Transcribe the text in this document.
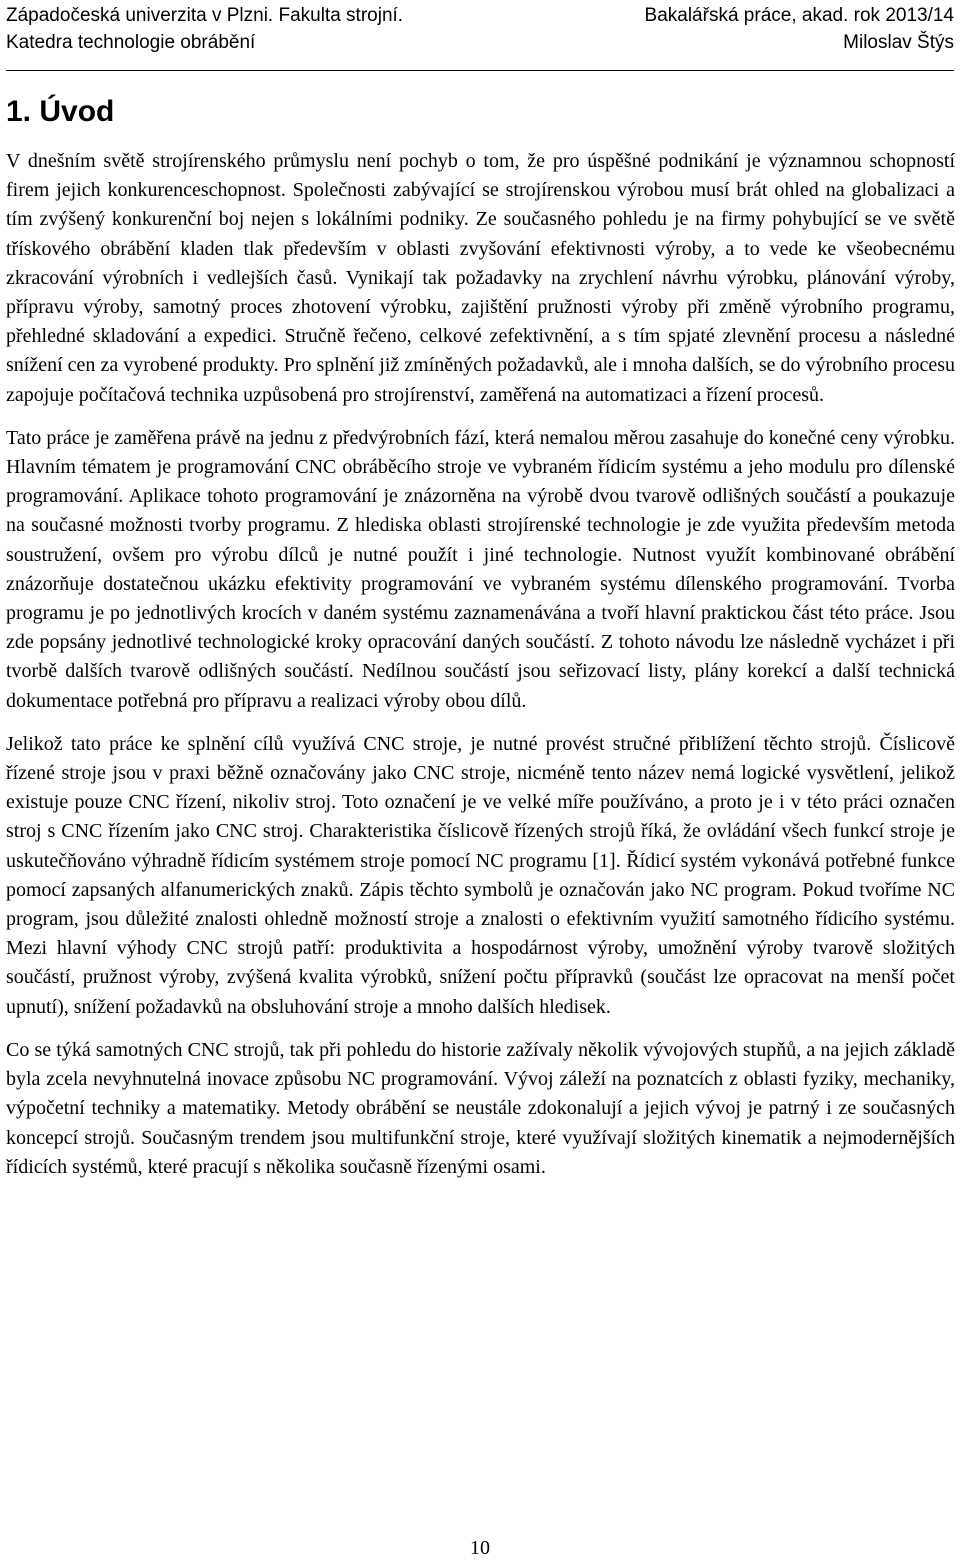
Západočeská univerzita v Plzni. Fakulta strojní.	Bakalářská práce, akad. rok 2013/14
Katedra technologie obrábění	Miloslav Štýs
1. Úvod

V dnešním světě strojírenského průmyslu není pochyb o tom, že pro úspěšné podnikání je významnou schopností firem jejich konkurenceschopnost. Společnosti zabývající se strojírenskou výrobou musí brát ohled na globalizaci a tím zvýšený konkurenční boj nejen s lokálními podniky. Ze současného pohledu je na firmy pohybující se ve světě třískového obrábění kladen tlak především v oblasti zvyšování efektivnosti výroby, a to vede ke všeobecnému zkracování výrobních i vedlejších časů. Vynikají tak požadavky na zrychlení návrhu výrobku, plánování výroby, přípravu výroby, samotný proces zhotovení výrobku, zajištění pružnosti výroby při změně výrobního programu, přehledné skladování a expedici. Stručně řečeno, celkové zefektivnění, a s tím spjaté zlevnění procesu a následné snížení cen za vyrobené produkty. Pro splnění již zmíněných požadavků, ale i mnoha dalších, se do výrobního procesu zapojuje počítačová technika uzpůsobená pro strojírenství, zaměřená na automatizaci a řízení procesů.

Tato práce je zaměřena právě na jednu z předvýrobních fází, která nemalou měrou zasahuje do konečné ceny výrobku. Hlavním tématem je programování CNC obráběcího stroje ve vybraném řídicím systému a jeho modulu pro dílenské programování. Aplikace tohoto programování je znázorněna na výrobě dvou tvarově odlišných součástí a poukazuje na současné možnosti tvorby programu. Z hlediska oblasti strojírenské technologie je zde využita především metoda soustružení, ovšem pro výrobu dílců je nutné použít i jiné technologie. Nutnost využít kombinované obrábění znázorňuje dostatečnou ukázku efektivity programování ve vybraném systému dílenského programování. Tvorba programu je po jednotlivých krocích v daném systému zaznamenávána a tvoří hlavní praktickou část této práce. Jsou zde popsány jednotlivé technologické kroky opracování daných součástí. Z tohoto návodu lze následně vycházet i při tvorbě dalších tvarově odlišných součástí. Nedílnou součástí jsou seřizovací listy, plány korekcí a další technická dokumentace potřebná pro přípravu a realizaci výroby obou dílů.

Jelikož tato práce ke splnění cílů využívá CNC stroje, je nutné provést stručné přiblížení těchto strojů. Číslicově řízené stroje jsou v praxi běžně označovány jako CNC stroje, nicméně tento název nemá logické vysvětlení, jelikož existuje pouze CNC řízení, nikoliv stroj. Toto označení je ve velké míře používáno, a proto je i v této práci označen stroj s CNC řízením jako CNC stroj. Charakteristika číslicově řízených strojů říká, že ovládání všech funkcí stroje je uskutečňováno výhradně řídicím systémem stroje pomocí NC programu [1]. Řídicí systém vykonává potřebné funkce pomocí zapsaných alfanumerických znaků. Zápis těchto symbolů je označován jako NC program. Pokud tvoříme NC program, jsou důležité znalosti ohledně možností stroje a znalosti o efektivním využití samotného řídicího systému. Mezi hlavní výhody CNC strojů patří: produktivita a hospodárnost výroby, umožnění výroby tvarově složitých součástí, pružnost výroby, zvýšená kvalita výrobků, snížení počtu přípravků (součást lze opracovat na menší počet upnutí), snížení požadavků na obsluhování stroje a mnoho dalších hledisek.

Co se týká samotných CNC strojů, tak při pohledu do historie zažívaly několik vývojových stupňů, a na jejich základě byla zcela nevyhnutelná inovace způsobu NC programování. Vývoj záleží na poznatcích z oblasti fyziky, mechaniky, výpočetní techniky a matematiky. Metody obrábění se neustále zdokonalují a jejich vývoj je patrný i ze současných koncepcí strojů. Současným trendem jsou multifunkční stroje, které využívají složitých kinematik a nejmodernějších řídicích systémů, které pracují s několika současně řízenými osami.

10
